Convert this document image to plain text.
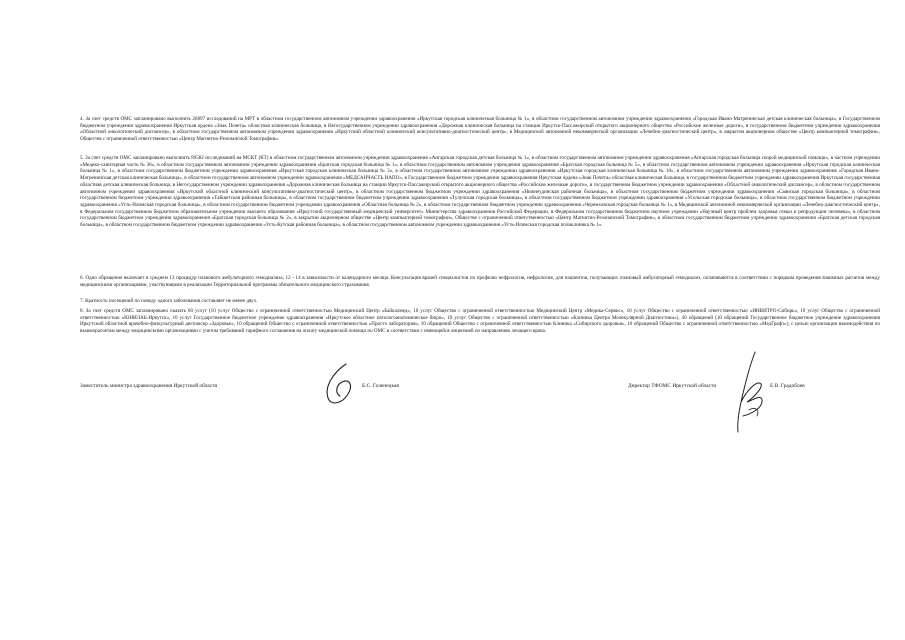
4. За счет средств ОМС запланировано выполнить 26897 исследований на МРТ в областном государственном автономном учреждении здравоохранения «Иркутская городская клиническая больница № 1», в областном государственном автономном учреждении здравоохранения «Городская Ивано-Матренинская детская клиническая больница», в Государственном бюджетном учреждении здравоохранения Иркутская ордена «Знак Почета» областная клиническая больница, в Негосударственном учреждении здравоохранения «Дорожная клиническая больница на станции Иркутск-Пассажирский открытого акционерного общества «Российские железные дороги», в государственном бюджетном учреждении здравоохранения «Областной онкологический диспансер», в областном государственном автономном учреждении здравоохранения «Иркутский областной клинический консультативно-диагностический центр», в Медицинской автономной некоммерческой организации «Лечебно-диагностический центр», в закрытом акционерном обществе «Центр компьютерной томографии», Обществе с ограниченной ответственностью «Центр Магнитно-Резонансной Томографии».

5. За счет средств ОМС запланировано выполнить 89582 исследований на МСКТ (КТ) в областном государственном автономном учреждении здравоохранения «Ангарская городская детская больница № 1», в областном государственном автономном учреждении здравоохранения «Ангарская городская больница скорой медицинской помощи», в частном учреждении «Медико-санитарная часть № 36», в областном государственном автономном учреждении здравоохранения «Братская городская больница № 1», в областном государственном автономном учреждении здравоохранения «Братская городская больница № 5», в областном государственном автономном учреждении здравоохранения «Иркутская городская клиническая больница № 1», в областном государственном бюджетном учреждении здравоохранения «Иркутская городская клиническая больница № 3», в областном государственном автономном учреждении здравоохранения «Иркутская городская клиническая больница № 10», в областном государственном автономном учреждении здравоохранения «Городская Ивано-Матренинская детская клиническая больница», в областном государственном автономном учреждении здравоохранения «МЕДСАНЧАСТЬ ИАПО», в Государственном бюджетном учреждении здравоохранения Иркутская ордена «Знак Почета» областная клиническая больница, в государственном бюджетном учреждении здравоохранения Иркутская государственная областная детская клиническая больница, в Негосударственном учреждении здравоохранения «Дорожная клиническая больница на станции Иркутск-Пассажирский открытого акционерного общества «Российские железные дороги», в государственном бюджетном учреждении здравоохранения «Областной онкологический диспансер», в областном государственном автономном учреждении здравоохранения «Иркутский областной клинический консультативно-диагностический центр», в областном государственном бюджетном учреждении здравоохранения «Нижнеудинская районная больница», в областном государственном бюджетном учреждении здравоохранения «Саянская городская больница», в областном государственном бюджетном учреждении здравоохранения «Тайшетская районная больница», в областном государственном бюджетном учреждении здравоохранения «Тулунская городская больница», в областном государственном бюджетном учреждении здравоохранения «Усольская городская больница», в областном государственном бюджетном учреждении здравоохранения «Усть-Илимская городская больница», в областном государственном бюджетном учреждении здравоохранения «Областная больница № 2», в областном государственном бюджетном учреждении здравоохранения «Черемховская городская больница № 1», в Медицинской автономной некоммерческой организации «Лечебно-диагностический центр», в Федеральном государственном бюджетном образовательном учреждении высшего образования «Иркутский государственный медицинский университет» Министерства здравоохранения Российской Федерации, в Федеральном государственном бюджетном научном учреждении «Научный центр проблем здоровья семьи и репродукции человека», в областном государственном бюджетном учреждении здравоохранения «Братская городская больница № 2», в закрытом акционерном обществе «Центр компьютерной томографии», Обществе с ограниченной ответственностью «Центр Магнитно-Резонансной Томографии», в областном государственном бюджетном учреждении здравоохранения «Братская детская городская больница», в областном государственном бюджетном учреждении здравоохранения «Усть-Кутская районная больница», в областном государственном автономном учреждении здравоохранения «Усть-Илимская городская поликлиника № 1».

6. Одно обращение включает в среднем 13 процедур планового амбулаторного гемодиализа, 12 - 14 в зависимости от календарного месяца. Консультация врачей специалистов по профилю нефрология, нефрология, для пациентов, получающих плановый амбулаторный гемодиализ, оплачиваются в соответствии с порядком проведения взаимных расчетов между медицинскими организациями, участвующими в реализации Территориальной программы обязательного медицинского страхования.

7. Кратность посещений по поводу одного заболевания составляет не менее двух.

8. За счет средств ОМС запланировано оказать 60 услуг (10 услуг Общество с ограниченной ответственностью Медицинский Центр «Байкалмед», 10 услуг Общество с ограниченной ответственностью Медицинский Центр «Медика-Сервис», 10 услуг Общество с ограниченной ответственностью «ИНВИТРО-Сибирь», 10 услуг Общество с ограниченной ответственностью «ЮНИЛАБ-Иркутск», 10 услуг Государственное бюджетное учреждение здравоохранения «Иркутское областное патологоанатомическое бюро», 10 услуг Общество с ограниченной ответственностью «Клиника Центра Молекулярной Диагностики»), 40 обращений (10 обращений Государственное бюджетное учреждение здравоохранения Иркутский областной врачебно-физкультурный диспансер «Здоровье», 10 обращений Общество с ограниченной ответственностью «Просто лаборатория», 10 обращений Общество с ограниченной ответственностью Клиника «Сибирского здоровья», 10 обращений Общество с ограниченной ответственностью «МедГрафт»), с целью организации взаимодействия по взаиморасчетам между медицинскими организациями с учетом требований тарифного соглашения на оплату медицинской помощи по ОМС в соответствии с имеющейся лицензией по направлению лечащего врача.

Заместитель министра здравоохранения Иркутской области	Е.С. Голенецкая	Директор ТФОМС Иркутской области	Е.В. Градобоев
